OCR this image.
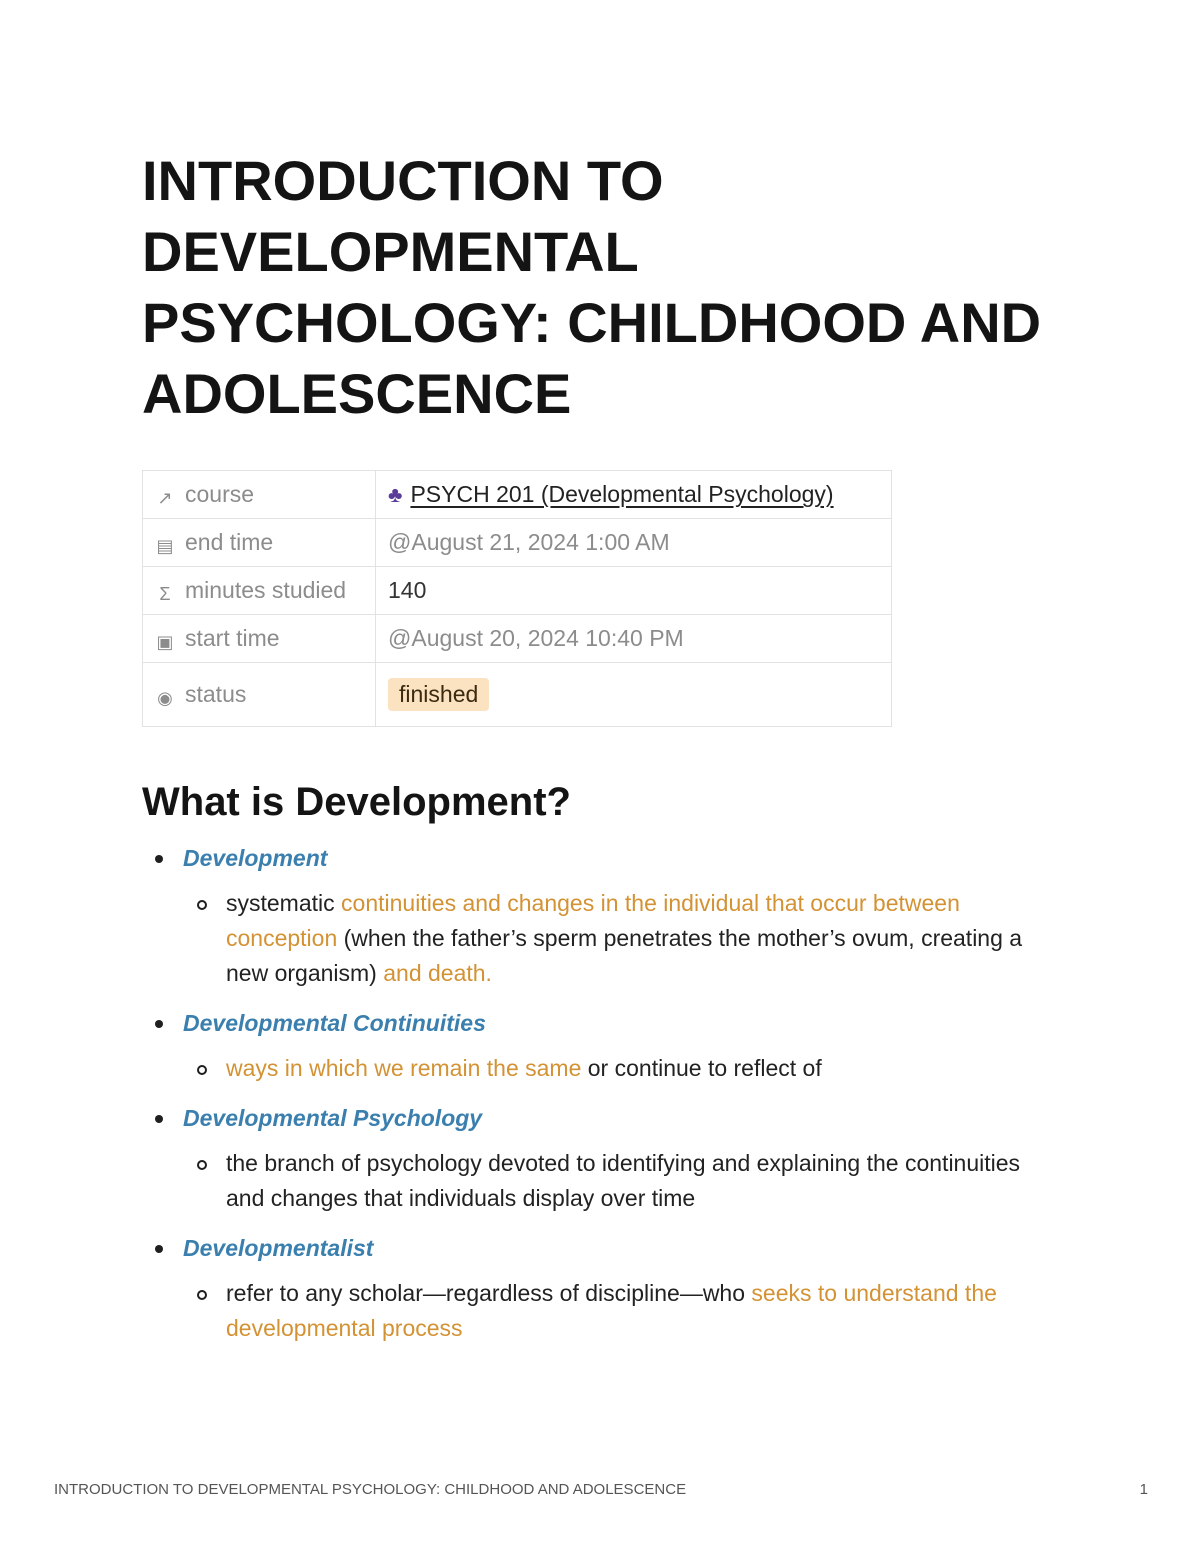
INTRODUCTION TO DEVELOPMENTAL PSYCHOLOGY: CHILDHOOD AND ADOLESCENCE
↗ course	♣ PSYCH 201 (Developmental Psychology)
▤ end time	@August 21, 2024 1:00 AM
Σ minutes studied	140
▣ start time	@August 20, 2024 10:40 PM
◉ status	finished
What is Development?
Development
systematic continuities and changes in the individual that occur between conception (when the father’s sperm penetrates the mother’s ovum, creating a new organism) and death.
Developmental Continuities
ways in which we remain the same or continue to reflect of
Developmental Psychology
the branch of psychology devoted to identifying and explaining the continuities and changes that individuals display over time
Developmentalist
refer to any scholar—regardless of discipline—who seeks to understand the developmental process
INTRODUCTION TO DEVELOPMENTAL PSYCHOLOGY: CHILDHOOD AND ADOLESCENCE	1
